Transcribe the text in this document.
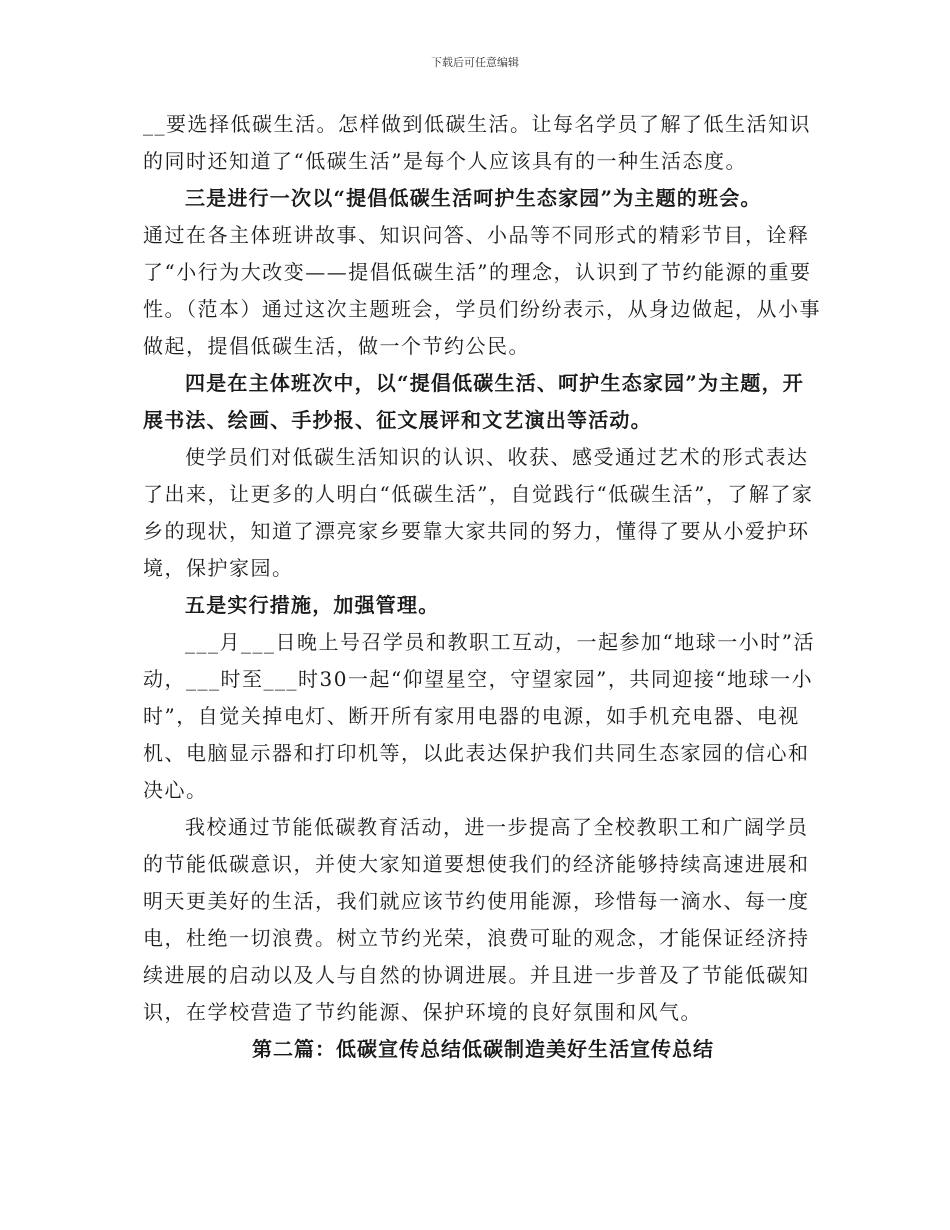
下载后可任意编辑

__要选择低碳生活。怎样做到低碳生活。让每名学员了解了低生活知识的同时还知道了“低碳生活”是每个人应该具有的一种生活态度。

三是进行一次以“提倡低碳生活呵护生态家园”为主题的班会。

通过在各主体班讲故事、知识问答、小品等不同形式的精彩节目，诠释了“小行为大改变——提倡低碳生活”的理念，认识到了节约能源的重要性。（范本）通过这次主题班会，学员们纷纷表示，从身边做起，从小事做起，提倡低碳生活，做一个节约公民。

四是在主体班次中，以“提倡低碳生活、呵护生态家园”为主题，开展书法、绘画、手抄报、征文展评和文艺演出等活动。

使学员们对低碳生活知识的认识、收获、感受通过艺术的形式表达了出来，让更多的人明白“低碳生活”，自觉践行“低碳生活”，了解了家乡的现状，知道了漂亮家乡要靠大家共同的努力，懂得了要从小爱护环境，保护家园。

五是实行措施，加强管理。

___月___日晚上号召学员和教职工互动，一起参加“地球一小时”活动，___时至___时30一起“仰望星空，守望家园”，共同迎接“地球一小时”，自觉关掉电灯、断开所有家用电器的电源，如手机充电器、电视机、电脑显示器和打印机等，以此表达保护我们共同生态家园的信心和决心。

我校通过节能低碳教育活动，进一步提高了全校教职工和广阔学员的节能低碳意识，并使大家知道要想使我们的经济能够持续高速进展和明天更美好的生活，我们就应该节约使用能源，珍惜每一滴水、每一度电，杜绝一切浪费。树立节约光荣，浪费可耻的观念，才能保证经济持续进展的启动以及人与自然的协调进展。并且进一步普及了节能低碳知识，在学校营造了节约能源、保护环境的良好氛围和风气。

第二篇：低碳宣传总结低碳制造美好生活宣传总结
